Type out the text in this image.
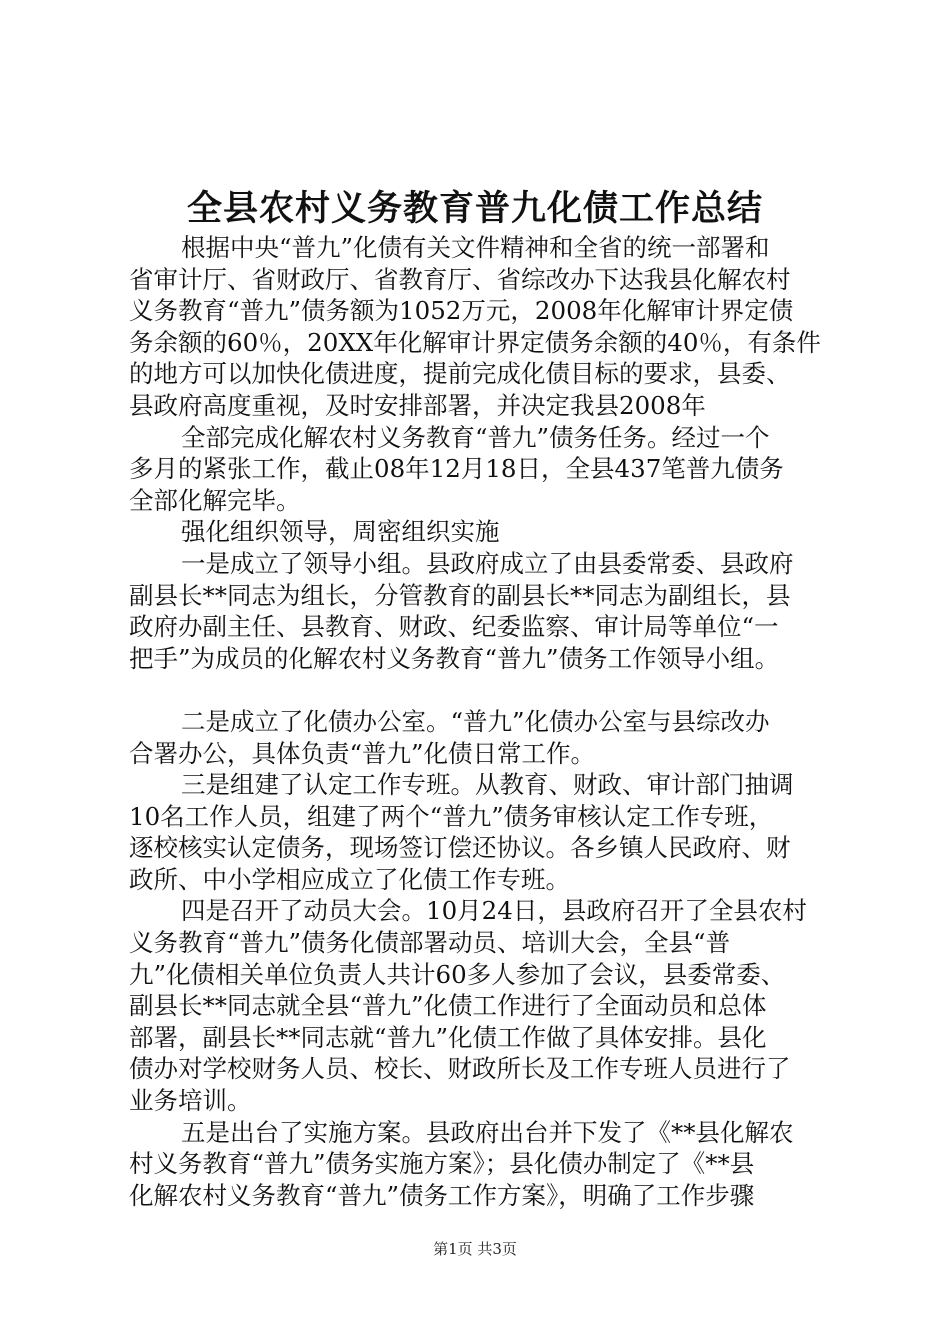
全县农村义务教育普九化债工作总结
根据中央“普九”化债有关文件精神和全省的统一部署和
省审计厅、省财政厅、省教育厅、省综改办下达我县化解农村
义务教育“普九”债务额为1052万元，2008年化解审计界定债
务余额的60％，20XX年化解审计界定债务余额的40％，有条件
的地方可以加快化债进度，提前完成化债目标的要求，县委、
县政府高度重视，及时安排部署，并决定我县2008年
全部完成化解农村义务教育“普九”债务任务。经过一个
多月的紧张工作，截止08年12月18日，全县437笔普九债务
全部化解完毕。
强化组织领导，周密组织实施
一是成立了领导小组。县政府成立了由县委常委、县政府
副县长**同志为组长，分管教育的副县长**同志为副组长，县
政府办副主任、县教育、财政、纪委监察、审计局等单位“一
把手”为成员的化解农村义务教育“普九”债务工作领导小组。
二是成立了化债办公室。“普九”化债办公室与县综改办
合署办公，具体负责“普九”化债日常工作。
三是组建了认定工作专班。从教育、财政、审计部门抽调
10名工作人员，组建了两个“普九”债务审核认定工作专班，
逐校核实认定债务，现场签订偿还协议。各乡镇人民政府、财
政所、中小学相应成立了化债工作专班。
四是召开了动员大会。10月24日，县政府召开了全县农村
义务教育“普九”债务化债部署动员、培训大会，全县“普
九”化债相关单位负责人共计60多人参加了会议，县委常委、
副县长**同志就全县“普九”化债工作进行了全面动员和总体
部署，副县长**同志就“普九”化债工作做了具体安排。县化
债办对学校财务人员、校长、财政所长及工作专班人员进行了
业务培训。
五是出台了实施方案。县政府出台并下发了《**县化解农
村义务教育“普九”债务实施方案》；县化债办制定了《**县
化解农村义务教育“普九”债务工作方案》，明确了工作步骤
第1页 共3页
